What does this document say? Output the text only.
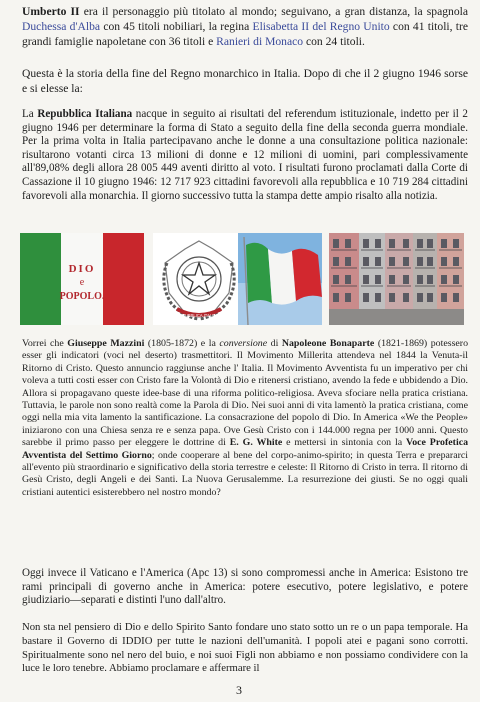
Umberto II era il personaggio più titolato al mondo; seguivano, a gran distanza, la spagnola Duchessa d'Alba con 45 titoli nobiliari, la regina Elisabetta II del Regno Unito con 41 titoli, tre grandi famiglie napoletane con 36 titoli e Ranieri di Monaco con 24 titoli.
Questa è la storia della fine del Regno monarchico in Italia. Dopo di che il 2 giugno 1946 sorse e si elesse la:
La Repubblica Italiana nacque in seguito ai risultati del referendum istituzionale, indetto per il 2 giugno 1946 per determinare la forma di Stato a seguito della fine della seconda guerra mondiale. Per la prima volta in Italia partecipavano anche le donne a una consultazione politica nazionale: risultarono votanti circa 13 milioni di donne e 12 milioni di uomini, pari complessivamente all'89,08% degli allora 28 005 449 aventi diritto al voto. I risultati furono proclamati dalla Corte di Cassazione il 10 giugno 1946: 12 717 923 cittadini favorevoli alla repubblica e 10 719 284 cittadini favorevoli alla monarchia. Il giorno successivo tutta la stampa dette ampio risalto alla notizia.
DIO
e
POPOLO.
REPUBBLICA ITALIANA
Vorrei che Giuseppe Mazzini (1805-1872) e la conversione di Napoleone Bonaparte (1821-1869) potessero esser gli indicatori (voci nel deserto) trasmettitori. Il Movimento Millerita attendeva nel 1844 la Venuta-il Ritorno di Cristo. Questo annuncio raggiunse anche l' Italia. Il Movimento Avventista fu un imperativo per chi voleva a tutti costi esser con Cristo fare la Volontà di Dio e ritenersi cristiano, avendo la fede e ubbidendo a Dio. Allora si propagavano queste idee-base di una riforma politico-religiosa. Aveva sfociare nella pratica cristiana. Tuttavia, le parole non sono realtà come la Parola di Dio. Nei suoi anni di vita lamentò la pratica cristiana, come oggi nella mia vita lamento la santificazione. La consacrazione del popolo di Dio. In America «We the People» iniziarono con una Chiesa senza re e senza papa. Ove Gesù Cristo con i 144.000 regna per 1000 anni. Questo sarebbe il primo passo per eleggere le dottrine di E. G. White e mettersi in sintonia con la Voce Profetica Avventista del Settimo Giorno; onde cooperare al bene del corpo-animo-spirito; in questa Terra e prepararci all'evento più straordinario e significativo della storia terrestre e celeste: Il Ritorno di Cristo in terra. Il ritorno di Gesù Cristo, degli Angeli e dei Santi. La Nuova Gerusalemme. La resurrezione dei giusti. Se no oggi quali cristiani autentici esisterebbero nel nostro mondo?
Oggi invece il Vaticano e l'America (Apc 13) si sono compromessi anche in America: Esistono tre rami principali di governo anche in America: potere esecutivo, potere legislativo, e potere giudiziario—separati e distinti l'uno dall'altro.
Non sta nel pensiero di Dio e dello Spirito Santo fondare uno stato sotto un re o un papa temporale. Ha bastare il Governo di IDDIO per tutte le nazioni dell'umanità. I popoli atei e pagani sono corrotti. Spiritualmente sono nel nero del buio, e noi suoi Figli non abbiamo e non possiamo condividere con la luce le loro tenebre. Abbiamo proclamare e affermare il
3
